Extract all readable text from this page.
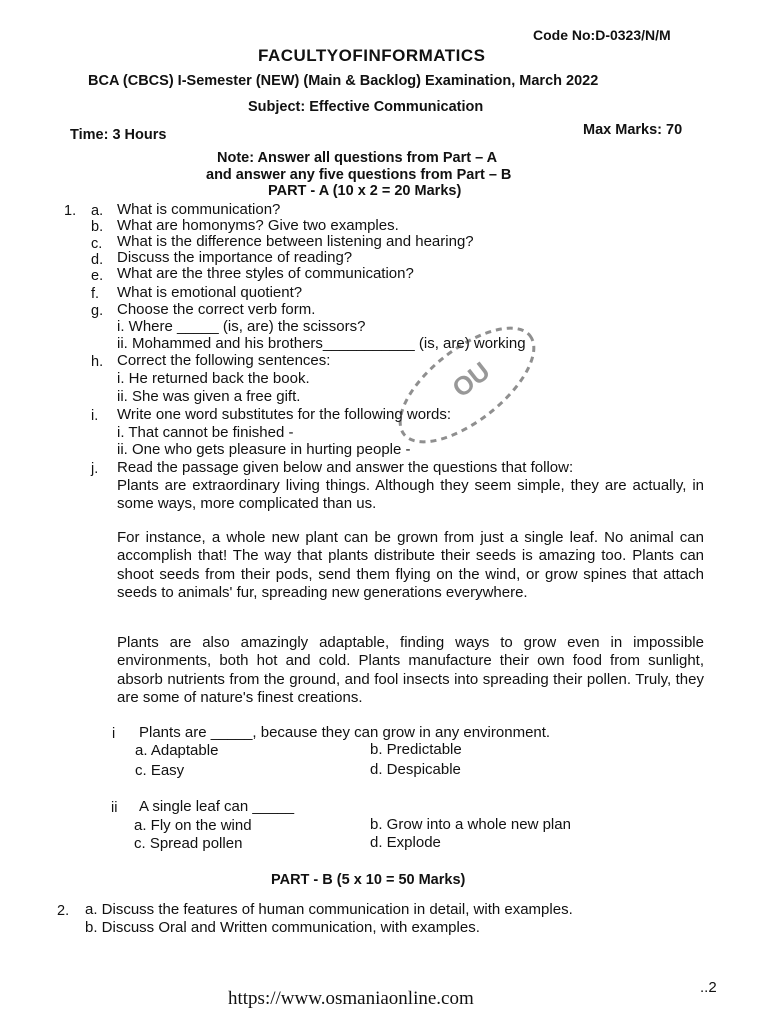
Code No:D-0323/N/M
FACULTYOFINFORMATICS
BCA (CBCS) I-Semester (NEW) (Main & Backlog) Examination, March 2022
Subject: Effective Communication
Time: 3 Hours	Max Marks: 70
Note: Answer all questions from Part – A
and answer any five questions from Part – B
PART - A (10 x 2 = 20 Marks)
1. a. What is communication?
b. What are homonyms? Give two examples.
c. What is the difference between listening and hearing?
d. Discuss the importance of reading?
e. What are the three styles of communication?
f. What is emotional quotient?
g. Choose the correct verb form.
i. Where _____ (is, are) the scissors?
ii. Mohammed and his brothers___________ (is, are) working
h. Correct the following sentences:
i. He returned back the book.
ii. She was given a free gift.
i. Write one word substitutes for the following words:
i. That cannot be finished -
ii. One who gets pleasure in hurting people -
j. Read the passage given below and answer the questions that follow:
Plants are extraordinary living things. Although they seem simple, they are actually, in some ways, more complicated than us.
For instance, a whole new plant can be grown from just a single leaf. No animal can accomplish that! The way that plants distribute their seeds is amazing too. Plants can shoot seeds from their pods, send them flying on the wind, or grow spines that attach seeds to animals' fur, spreading new generations everywhere.
Plants are also amazingly adaptable, finding ways to grow even in impossible environments, both hot and cold. Plants manufacture their own food from sunlight, absorb nutrients from the ground, and fool insects into spreading their pollen. Truly, they are some of nature's finest creations.
i Plants are _____, because they can grow in any environment.
a. Adaptable	b. Predictable
c. Easy	d. Despicable
ii A single leaf can _____
a. Fly on the wind	b. Grow into a whole new plan
c. Spread pollen	d. Explode
PART - B (5 x 10 = 50 Marks)
2. a. Discuss the features of human communication in detail, with examples.
b. Discuss Oral and Written communication, with examples.
https://www.osmaniaonline.com
..2
OU
